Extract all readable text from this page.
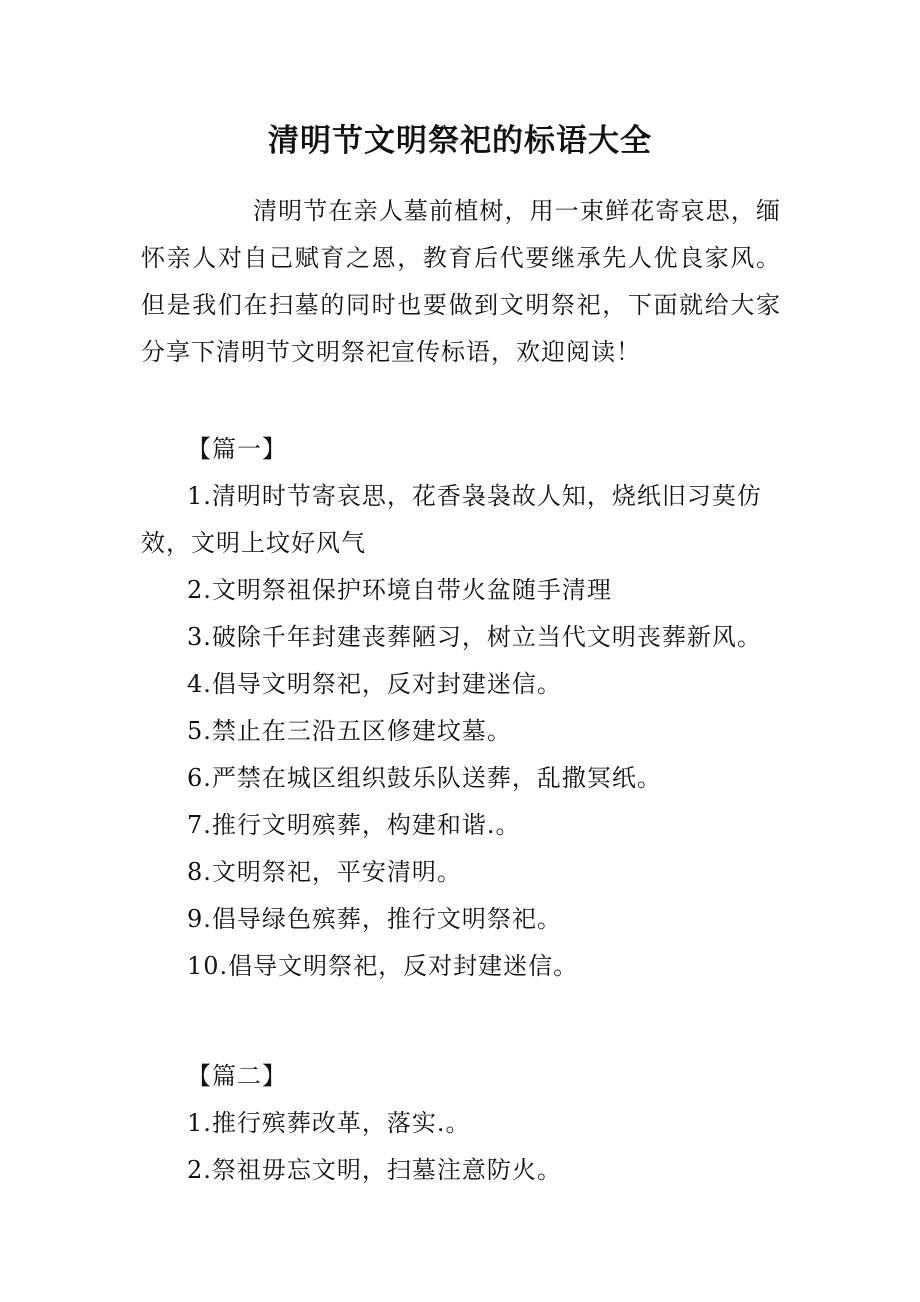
清明节文明祭祀的标语大全
清明节在亲人墓前植树，用一束鲜花寄哀思，缅怀亲人对自己赋育之恩，教育后代要继承先人优良家风。但是我们在扫墓的同时也要做到文明祭祀，下面就给大家分享下清明节文明祭祀宣传标语，欢迎阅读！
【篇一】

1.清明时节寄哀思，花香袅袅故人知，烧纸旧习莫仿效，文明上坟好风气

2.文明祭祖保护环境自带火盆随手清理

3.破除千年封建丧葬陋习，树立当代文明丧葬新风。

4.倡导文明祭祀，反对封建迷信。

5.禁止在三沿五区修建坟墓。

6.严禁在城区组织鼓乐队送葬，乱撒冥纸。

7.推行文明殡葬，构建和谐.。

8.文明祭祀，平安清明。

9.倡导绿色殡葬，推行文明祭祀。

10.倡导文明祭祀，反对封建迷信。

【篇二】

1.推行殡葬改革，落实.。

2.祭祖毋忘文明，扫墓注意防火。
